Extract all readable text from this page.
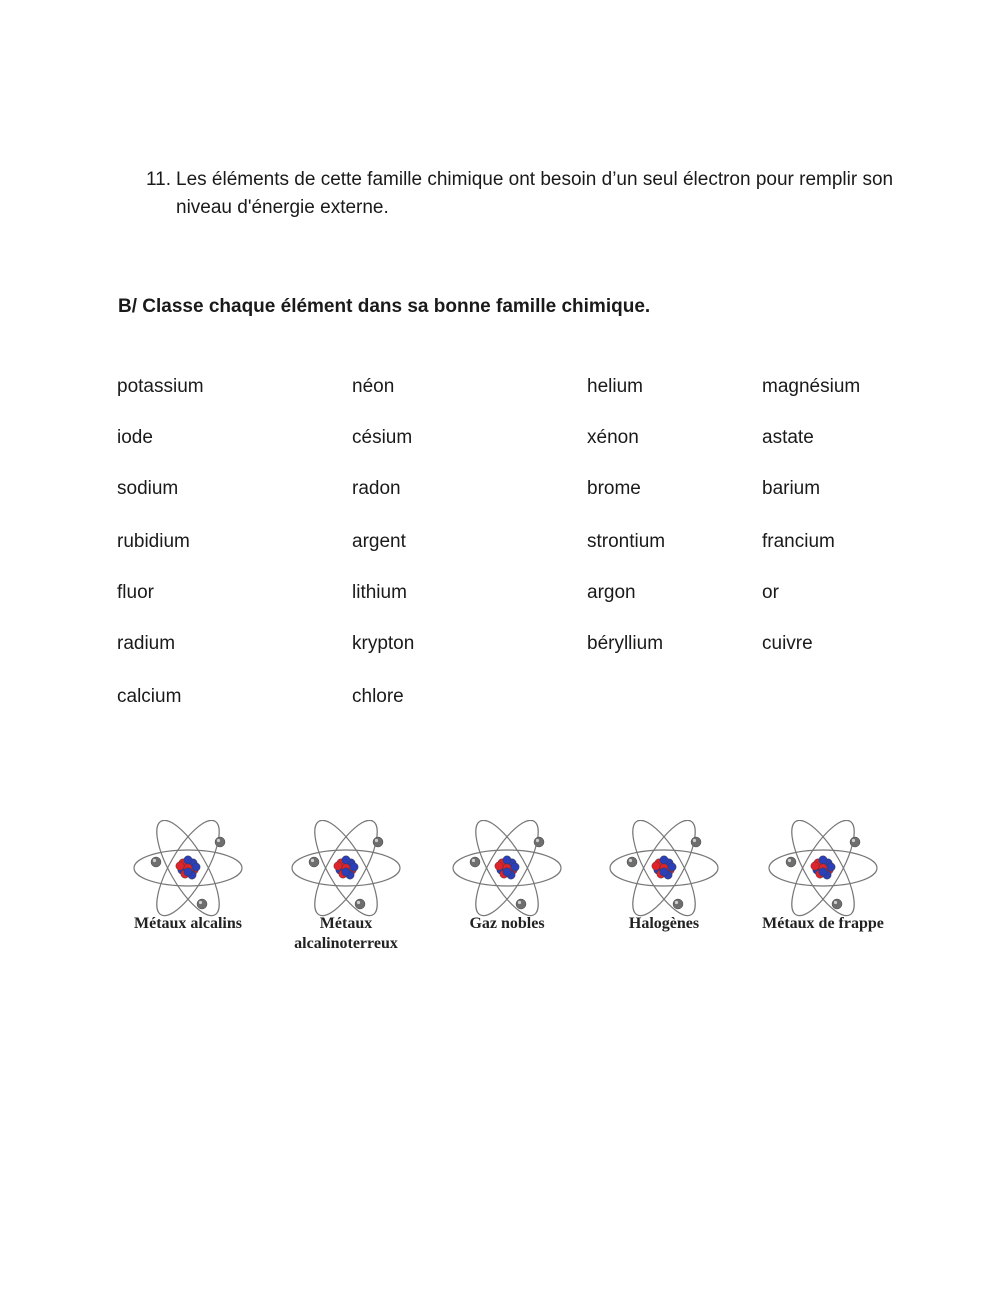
11. Les éléments de cette famille chimique ont besoin d’un seul électron pour remplir son niveau d'énergie externe.
B/ Classe chaque élément dans sa bonne famille chimique.
potassium	néon	helium	magnésium
iode	césium	xénon	astate
sodium	radon	brome	barium
rubidium	argent	strontium	francium
fluor	lithium	argon	or
radium	krypton	béryllium	cuivre
calcium	chlore
Métaux alcalins	Métaux alcalinoterreux
Gaz nobles	Halogènes	Métaux de frappe
